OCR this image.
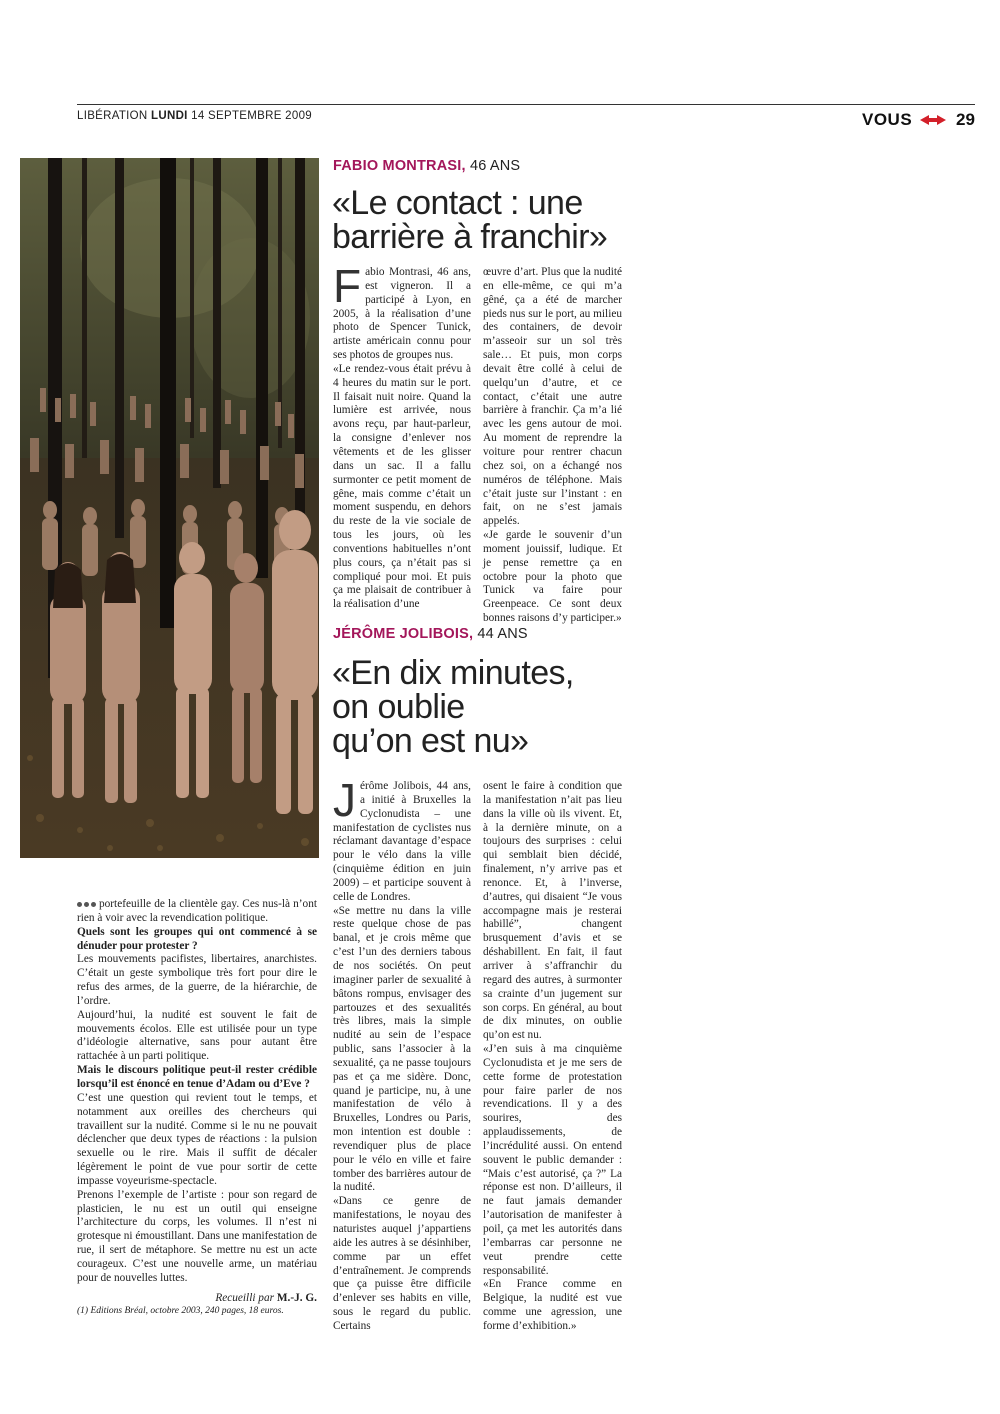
LIBÉRATION LUNDI 14 SEPTEMBRE 2009	VOUS	29
FABIO MONTRASI, 46 ANS
«Le contact : une
barrière à franchir»

Fabio Montrasi, 46 ans, est vigneron. Il a participé à Lyon, en 2005, à la réalisation d’une photo de Spencer Tunick, artiste américain connu pour ses photos de groupes nus.

«Le rendez-vous était prévu à 4 heures du matin sur le port. Il faisait nuit noire. Quand la lumière est arrivée, nous avons reçu, par haut-parleur, la consigne d’enlever nos vêtements et de les glisser dans un sac. Il a fallu surmonter ce petit moment de gêne, mais comme c’était un moment suspendu, en dehors du reste de la vie sociale de tous les jours, où les conventions habituelles n’ont plus cours, ça n’était pas si compliqué pour moi. Et puis ça me plaisait de contribuer à la réalisation d’une

œuvre d’art. Plus que la nudité en elle-même, ce qui m’a gêné, ça a été de marcher pieds nus sur le port, au milieu des containers, de devoir m’asseoir sur un sol très sale… Et puis, mon corps devait être collé à celui de quelqu’un d’autre, et ce contact, c’était une autre barrière à franchir. Ça m’a lié avec les gens autour de moi. Au moment de reprendre la voiture pour rentrer chacun chez soi, on a échangé nos numéros de téléphone. Mais c’était juste sur l’instant : en fait, on ne s’est jamais appelés.

«Je garde le souvenir d’un moment jouissif, ludique. Et je pense remettre ça en octobre pour la photo que Tunick va faire pour Greenpeace. Ce sont deux bonnes raisons d’y participer.»

JÉRÔME JOLIBOIS, 44 ANS
«En dix minutes,
on oublie
qu’on est nu»

Jérôme Jolibois, 44 ans, a initié à Bruxelles la Cyclonudista – une manifestation de cyclistes nus réclamant davantage d’espace pour le vélo dans la ville (cinquième édition en juin 2009) – et participe souvent à celle de Londres.

«Se mettre nu dans la ville reste quelque chose de pas banal, et je crois même que c’est l’un des derniers tabous de nos sociétés. On peut imaginer parler de sexualité à bâtons rompus, envisager des partouzes et des sexualités très libres, mais la simple nudité au sein de l’espace public, sans l’associer à la sexualité, ça ne passe toujours pas et ça me sidère. Donc, quand je participe, nu, à une manifestation de vélo à Bruxelles, Londres ou Paris, mon intention est double : revendiquer plus de place pour le vélo en ville et faire tomber des barrières autour de la nudité.

«Dans ce genre de manifestations, le noyau des naturistes auquel j’appartiens aide les autres à se désinhiber, comme par un effet d’entraînement. Je comprends que ça puisse être difficile d’enlever ses habits en ville, sous le regard du public. Certains

osent le faire à condition que la manifestation n’ait pas lieu dans la ville où ils vivent. Et, à la dernière minute, on a toujours des surprises : celui qui semblait bien décidé, finalement, n’y arrive pas et renonce. Et, à l’inverse, d’autres, qui disaient “Je vous accompagne mais je resterai habillé”, changent brusquement d’avis et se déshabillent. En fait, il faut arriver à s’affranchir du regard des autres, à surmonter sa crainte d’un jugement sur son corps. En général, au bout de dix minutes, on oublie qu’on est nu.

«J’en suis à ma cinquième Cyclonudista et je me sers de cette forme de protestation pour faire parler de nos revendications. Il y a des sourires, des applaudissements, de l’incrédulité aussi. On entend souvent le public demander : “Mais c’est autorisé, ça ?” La réponse est non. D’ailleurs, il ne faut jamais demander l’autorisation de manifester à poil, ça met les autorités dans l’embarras car personne ne veut prendre cette responsabilité.

«En France comme en Belgique, la nudité est vue comme une agression, une forme d’exhibition.»

portefeuille de la clientèle gay. Ces nus-là n’ont rien à voir avec la revendication politique.

Quels sont les groupes qui ont commencé à se dénuder pour protester ?

Les mouvements pacifistes, libertaires, anarchistes. C’était un geste symbolique très fort pour dire le refus des armes, de la guerre, de la hiérarchie, de l’ordre.

Aujourd’hui, la nudité est souvent le fait de mouvements écolos. Elle est utilisée pour un type d’idéologie alternative, sans pour autant être rattachée à un parti politique.

Mais le discours politique peut-il rester crédible lorsqu’il est énoncé en tenue d’Adam ou d’Eve ?

C’est une question qui revient tout le temps, et notamment aux oreilles des chercheurs qui travaillent sur la nudité. Comme si le nu ne pouvait déclencher que deux types de réactions : la pulsion sexuelle ou le rire. Mais il suffit de décaler légèrement le point de vue pour sortir de cette impasse voyeurisme-spectacle.

Prenons l’exemple de l’artiste : pour son regard de plasticien, le nu est un outil qui enseigne l’architecture du corps, les volumes. Il n’est ni grotesque ni émoustillant. Dans une manifestation de rue, il sert de métaphore. Se mettre nu est un acte courageux. C’est une nouvelle arme, un matériau pour de nouvelles luttes.

Recueilli par M.-J. G.

(1) Editions Bréal, octobre 2003, 240 pages, 18 euros.
